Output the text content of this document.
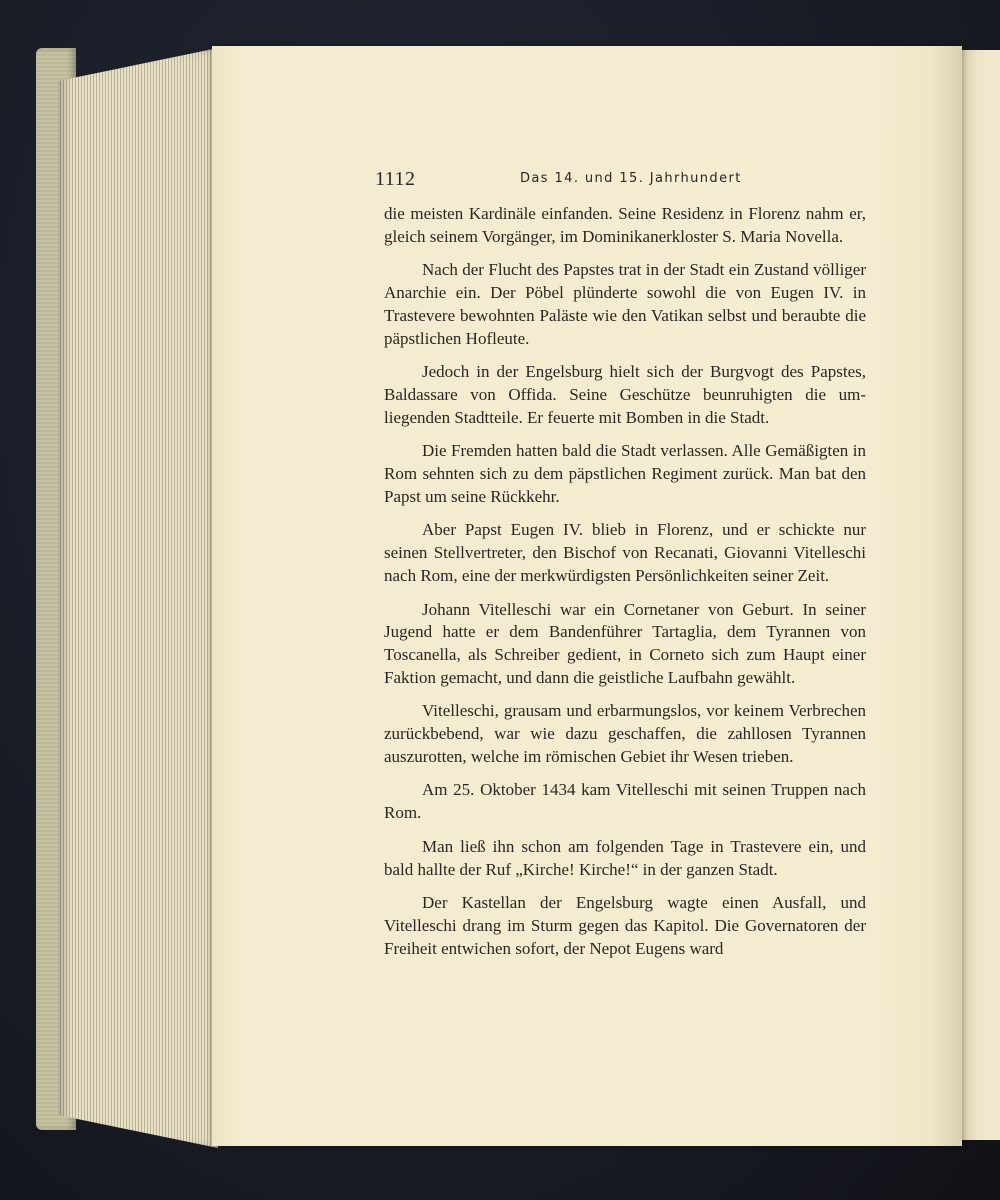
1112	Das 14. und 15. Jahrhundert

die meisten Kardinäle einfanden. Seine Residenz in Florenz nahm er, gleich seinem Vorgänger, im Dominikanerkloster S. Maria Novella.

Nach der Flucht des Papstes trat in der Stadt ein Zustand völliger Anarchie ein. Der Pöbel plünderte sowohl die von Eugen IV. in Trastevere bewohnten Paläste wie den Vatikan selbst und beraubte die päpstlichen Hofleute.

Jedoch in der Engelsburg hielt sich der Burgvogt des Papstes, Baldassare von Offida. Seine Geschütze beunruhigten die umliegenden Stadtteile. Er feuerte mit Bomben in die Stadt.

Die Fremden hatten bald die Stadt verlassen. Alle Gemäßigten in Rom sehnten sich zu dem päpstlichen Regiment zurück. Man bat den Papst um seine Rückkehr.

Aber Papst Eugen IV. blieb in Florenz, und er schickte nur seinen Stellvertreter, den Bischof von Recanati, Giovanni Vitelleschi nach Rom, eine der merkwürdigsten Persönlichkeiten seiner Zeit.

Johann Vitelleschi war ein Cornetaner von Geburt. In seiner Jugend hatte er dem Bandenführer Tartaglia, dem Tyrannen von Toscanella, als Schreiber gedient, in Corneto sich zum Haupt einer Faktion gemacht, und dann die geistliche Laufbahn gewählt.

Vitelleschi, grausam und erbarmungslos, vor keinem Verbrechen zurückbebend, war wie dazu geschaffen, die zahllosen Tyrannen auszurotten, welche im römischen Gebiet ihr Wesen trieben.

Am 25. Oktober 1434 kam Vitelleschi mit seinen Truppen nach Rom.

Man ließ ihn schon am folgenden Tage in Trastevere ein, und bald hallte der Ruf „Kirche! Kirche!“ in der ganzen Stadt.

Der Kastellan der Engelsburg wagte einen Ausfall, und Vitelleschi drang im Sturm gegen das Kapitol. Die Governatoren der Freiheit entwichen sofort, der Nepot Eugens ward
